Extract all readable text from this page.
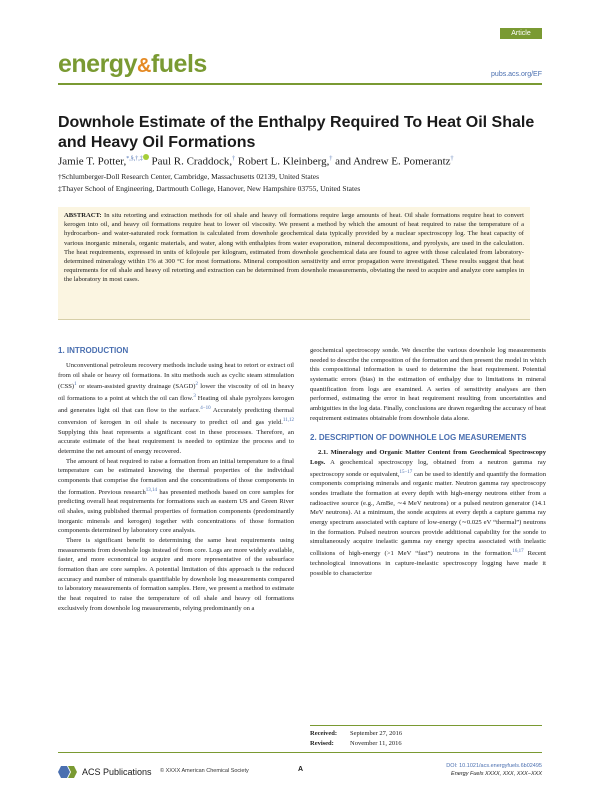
Article
energy&fuels	pubs.acs.org/EF
Downhole Estimate of the Enthalpy Required To Heat Oil Shale and Heavy Oil Formations
Jamie T. Potter,*,§,†,‡ Paul R. Craddock,† Robert L. Kleinberg,† and Andrew E. Pomerantz†
†Schlumberger-Doll Research Center, Cambridge, Massachusetts 02139, United States
‡Thayer School of Engineering, Dartmouth College, Hanover, New Hampshire 03755, United States
ABSTRACT: In situ retorting and extraction methods for oil shale and heavy oil formations require large amounts of heat. Oil shale formations require heat to convert kerogen into oil, and heavy oil formations require heat to lower oil viscosity. We present a method by which the amount of heat required to raise the temperature of a hydrocarbon- and water-saturated rock formation is calculated from downhole geochemical data typically provided by a nuclear spectroscopy log. The heat capacity of various inorganic minerals, organic materials, and water, along with enthalpies from water evaporation, mineral decompositions, and pyrolysis, are used in the calculation. The heat requirements, expressed in units of kilojoule per kilogram, estimated from downhole geochemical data are found to agree with those calculated from laboratory-determined mineralogy within 1% at 300 °C for most formations. Mineral composition sensitivity and error propagation were investigated. These results suggest that heat requirements for oil shale and heavy oil retorting and extraction can be determined from downhole measurements, obviating the need to acquire and analyze core samples in the laboratory in most cases.
1. INTRODUCTION

Unconventional petroleum recovery methods include using heat to retort or extract oil from oil shale or heavy oil formations. In situ methods such as cyclic steam stimulation (CSS)$^1$ or steam-assisted gravity drainage (SAGD)$^2$ lower the viscosity of oil in heavy oil formations to a point at which the oil can flow.$^3$ Heating oil shale pyrolyzes kerogen and generates light oil that can flow to the surface.$^{4-10}$ Accurately predicting thermal conversion of kerogen in oil shale is necessary to predict oil and gas yield.$^{11,12}$ Supplying this heat represents a significant cost in these processes. Therefore, an accurate estimate of the heat requirement is needed to optimize the process and to determine the net amount of energy recovered.

The amount of heat required to raise a formation from an initial temperature to a final temperature can be estimated knowing the thermal properties of the individual components that comprise the formation and the concentrations of those components in the formation. Previous research$^{13,14}$ has presented methods based on core samples for predicting overall heat requirements for formations such as eastern US and Green River oil shales, using published thermal properties of formation components (predominantly inorganic minerals and kerogen) together with concentrations of those formation components determined by laboratory core analysis.

There is significant benefit to determining the same heat requirements using measurements from downhole logs instead of from core. Logs are more widely available, faster, and more economical to acquire and more representative of the subsurface formation than are core samples. A potential limitation of this approach is the reduced accuracy and number of minerals quantifiable by downhole log measurements compared to laboratory measurements of formation samples. Here, we present a method to estimate the heat required to raise the temperature of oil shale and heavy oil formations exclusively from downhole log measurements, relying predominantly on a

geochemical spectroscopy sonde. We describe the various downhole log measurements needed to describe the composition of the formation and then present the model in which this compositional information is used to determine the heat requirement. Potential systematic errors (bias) in the estimation of enthalpy due to limitations in mineral quantification from logs are examined. A series of sensitivity analyses are then performed, estimating the error in heat requirement resulting from uncertainties and ambiguities in the log data. Finally, conclusions are drawn regarding the accuracy of heat requirement estimates obtainable from downhole data alone.

2. DESCRIPTION OF DOWNHOLE LOG MEASUREMENTS

2.1. Mineralogy and Organic Matter Content from Geochemical Spectroscopy Logs. A geochemical spectroscopy log, obtained from a neutron gamma ray spectroscopy sonde or equivalent,$^{15-17}$ can be used to identify and quantify the formation components comprising minerals and organic matter. Neutron gamma ray spectroscopy sondes irradiate the formation at every depth with high-energy neutrons either from a radioactive source (e.g., AmBe, ∼4 MeV neutrons) or a pulsed neutron generator (14.1 MeV neutrons). At a minimum, the sonde acquires at every depth a capture gamma ray energy spectrum associated with capture of low-energy (∼0.025 eV “thermal”) neutrons in the formation. Pulsed neutron sources provide additional capability for the sonde to simultaneously acquire inelastic gamma ray energy spectra associated with inelastic collisions of high-energy (>1 MeV “fast”) neutrons in the formation.$^{16,17}$ Recent technological innovations in capture-inelastic spectroscopy logging have made it possible to characterize

Received:	September 27, 2016
Revised:	November 11, 2016
ACS Publications © XXXX American Chemical Society	A	DOI: 10.1021/acs.energyfuels.6b02495
Energy Fuels XXXX, XXX, XXX−XXX
